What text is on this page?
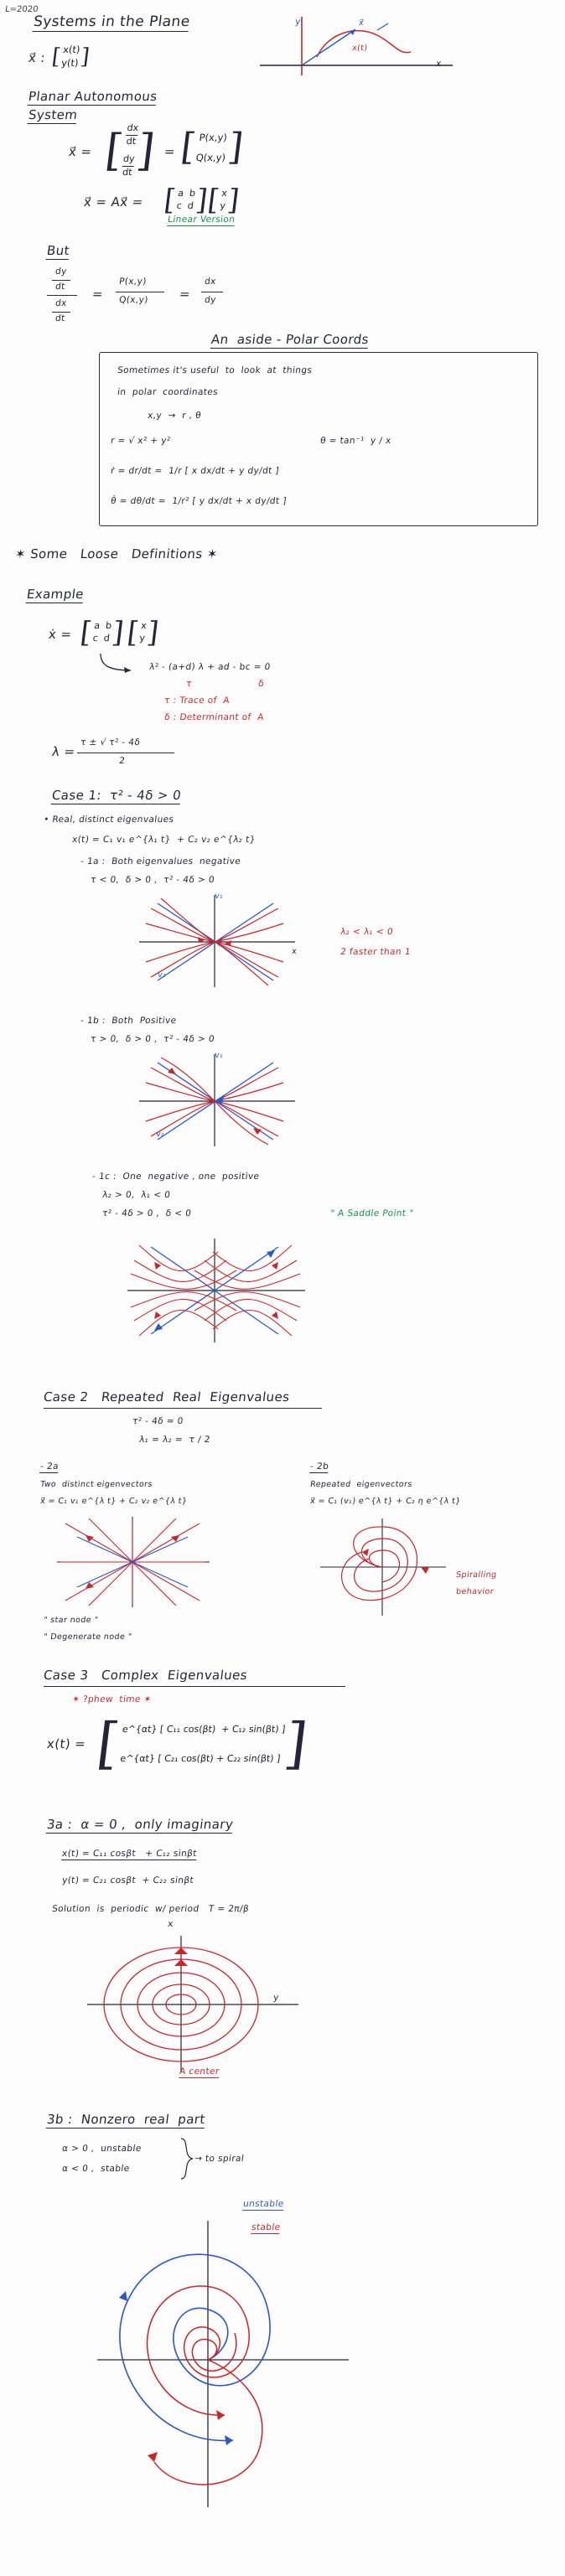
L=2020
Systems in the Plane
x⃗ : [ x(t)
y(t) ]
y	x⃗
x(t)
x
Planar Autonomous
System
x⃗ = [ dx
dt
dy
dt ] = [ P(x,y)
Q(x,y) ]
x⃗ = Ax⃗ = [ a  b
c  d ]
[ x
y ]
Linear Version
But
dy
dt
dx
dt
=
P(x,y)
Q(x,y) =
dx
dy
An  aside - Polar Coords
Sometimes it's useful  to  look  at  things
in  polar  coordinates
x,y  →  r , θ
r = √ x² + y²	θ = tan⁻¹  y / x
ṙ = dr/dt =  1/r [ x dx/dt + y dy/dt ]
θ̇ = dθ/dt =  1/r² [ y dx/dt + x dy/dt ]
✶ Some   Loose   Definitions ✶
Example
ẋ = [ a  b
c  d ] [ x
y ]
λ² - (a+d) λ + ad - bc = 0
τ	δ
τ : Trace of  A
δ : Determinant of  A
λ =
τ ± √ τ² - 4δ
2
Case 1:  τ² - 4δ > 0
• Real, distinct eigenvalues
x(t) = C₁ v₁ e^{λ₁ t}  + C₂ v₂ e^{λ₂ t}
- 1a :  Both eigenvalues  negative
τ < 0,  δ > 0 ,  τ² - 4δ > 0
v₁
v₂
x
λ₂ < λ₁ < 0
2 faster than 1
- 1b :  Both  Positive
τ > 0,  δ > 0 ,  τ² - 4δ > 0
v₁
v₂
- 1c :  One  negative , one  positive
λ₂ > 0,  λ₁ < 0
τ² - 4δ > 0 ,  δ < 0	" A Saddle Point "
Case 2   Repeated  Real  Eigenvalues
τ² - 4δ = 0
λ₁ = λ₂ =  τ / 2
- 2a
Two  distinct eigenvectors
x⃗ = C₁ v₁ e^{λ t} + C₂ v₂ e^{λ t}
- 2b
Repeated  eigenvectors
x⃗ = C₁ (v₁) e^{λ t} + C₂ η e^{λ t}
" star node "
" Degenerate node "
Spiralling
behavior
Case 3   Complex  Eigenvalues
✶ ?phew  time ✶
x(t) = [
e^{αt} [ C₁₁ cos(βt)  + C₁₂ sin(βt) ]
e^{αt} [ C₂₁ cos(βt) + C₂₂ sin(βt) ] ]
3a :  α = 0 ,  only imaginary
x(t) = C₁₁ cosβt   + C₁₂ sinβt
y(t) = C₂₁ cosβt  + C₂₂ sinβt
Solution  is  periodic  w/ period   T = 2π/β
y
x
A center
3b :  Nonzero  real  part
α > 0 ,  unstable
α < 0 ,  stable
→ to spiral
unstable
stable
